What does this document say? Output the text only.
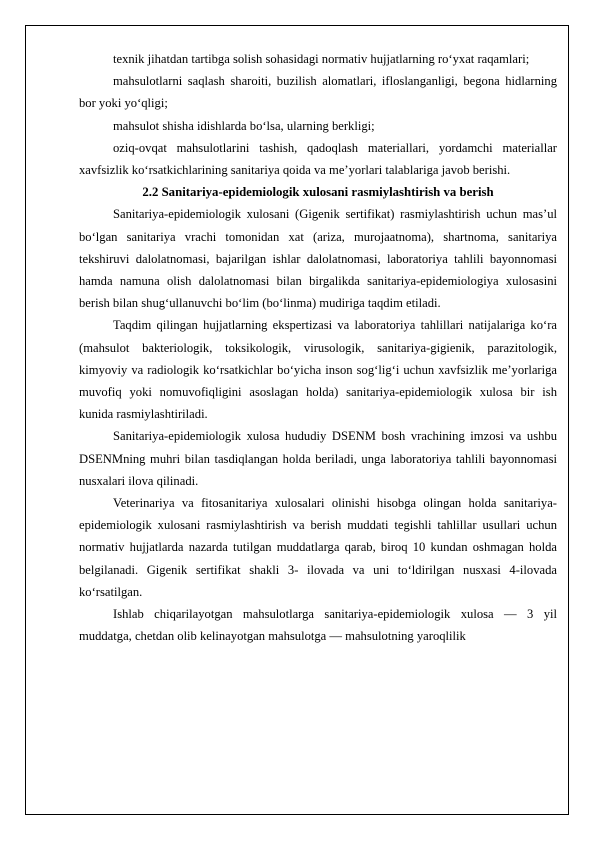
texnik jihatdan tartibga solish sohasidagi normativ hujjatlarning ro‘yxat raqamlari;

mahsulotlarni saqlash sharoiti, buzilish alomatlari, ifloslanganligi, begona hidlarning bor yoki yo‘qligi;

mahsulot shisha idishlarda bo‘lsa, ularning berkligi;

oziq-ovqat mahsulotlarini tashish, qadoqlash materiallari, yordamchi materiallar xavfsizlik ko‘rsatkichlarining sanitariya qoida va me’yorlari talablariga javob berishi.

2.2 Sanitariya-epidemiologik xulosani rasmiylashtirish va berish

Sanitariya-epidemiologik xulosani (Gigenik sertifikat) rasmiylashtirish uchun mas’ul bo‘lgan sanitariya vrachi tomonidan xat (ariza, murojaatnoma), shartnoma, sanitariya tekshiruvi dalolatnomasi, bajarilgan ishlar dalolatnomasi, laboratoriya tahlili bayonnomasi hamda namuna olish dalolatnomasi bilan birgalikda sanitariya-epidemiologiya xulosasini berish bilan shug‘ullanuvchi bo‘lim (bo‘linma) mudiriga taqdim etiladi.

Taqdim qilingan hujjatlarning ekspertizasi va laboratoriya tahlillari natijalariga ko‘ra (mahsulot bakteriologik, toksikologik, virusologik, sanitariya-gigienik, parazitologik, kimyoviy va radiologik ko‘rsatkichlar bo‘yicha inson sog‘lig‘i uchun xavfsizlik me’yorlariga muvofiq yoki nomuvofiqligini asoslagan holda) sanitariya-epidemiologik xulosa bir ish kunida rasmiylashtiriladi.

Sanitariya-epidemiologik xulosa hududiy DSENM bosh vrachining imzosi va ushbu DSENMning muhri bilan tasdiqlangan holda beriladi, unga laboratoriya tahlili bayonnomasi nusxalari ilova qilinadi.

Veterinariya va fitosanitariya xulosalari olinishi hisobga olingan holda sanitariya-epidemiologik xulosani rasmiylashtirish va berish muddati tegishli tahlillar usullari uchun normativ hujjatlarda nazarda tutilgan muddatlarga qarab, biroq 10 kundan oshmagan holda belgilanadi. Gigenik sertifikat shakli 3- ilovada va uni to‘ldirilgan nusxasi 4-ilovada ko‘rsatilgan.

Ishlab chiqarilayotgan mahsulotlarga sanitariya-epidemiologik xulosa — 3 yil muddatga, chetdan olib kelinayotgan mahsulotga — mahsulotning yaroqlilik
